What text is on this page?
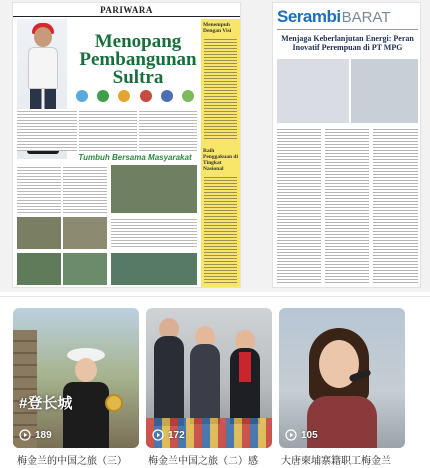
PARIWARA
Menopang Pembangunan Sultra
Tumbuh Bersama Masyarakat
Menempuh Dengan Visi
Raih Penggakuan di Tingkat Nasional
SerambiBARAT
Menjaga Keberlanjutan Energi: Peran Inovatif Perempuan di PT MPG
#登长城
189
梅金兰的中国之旅（三）
172
梅金兰中国之旅（二）感
105
大唐柬埔寨籍职工梅金兰
